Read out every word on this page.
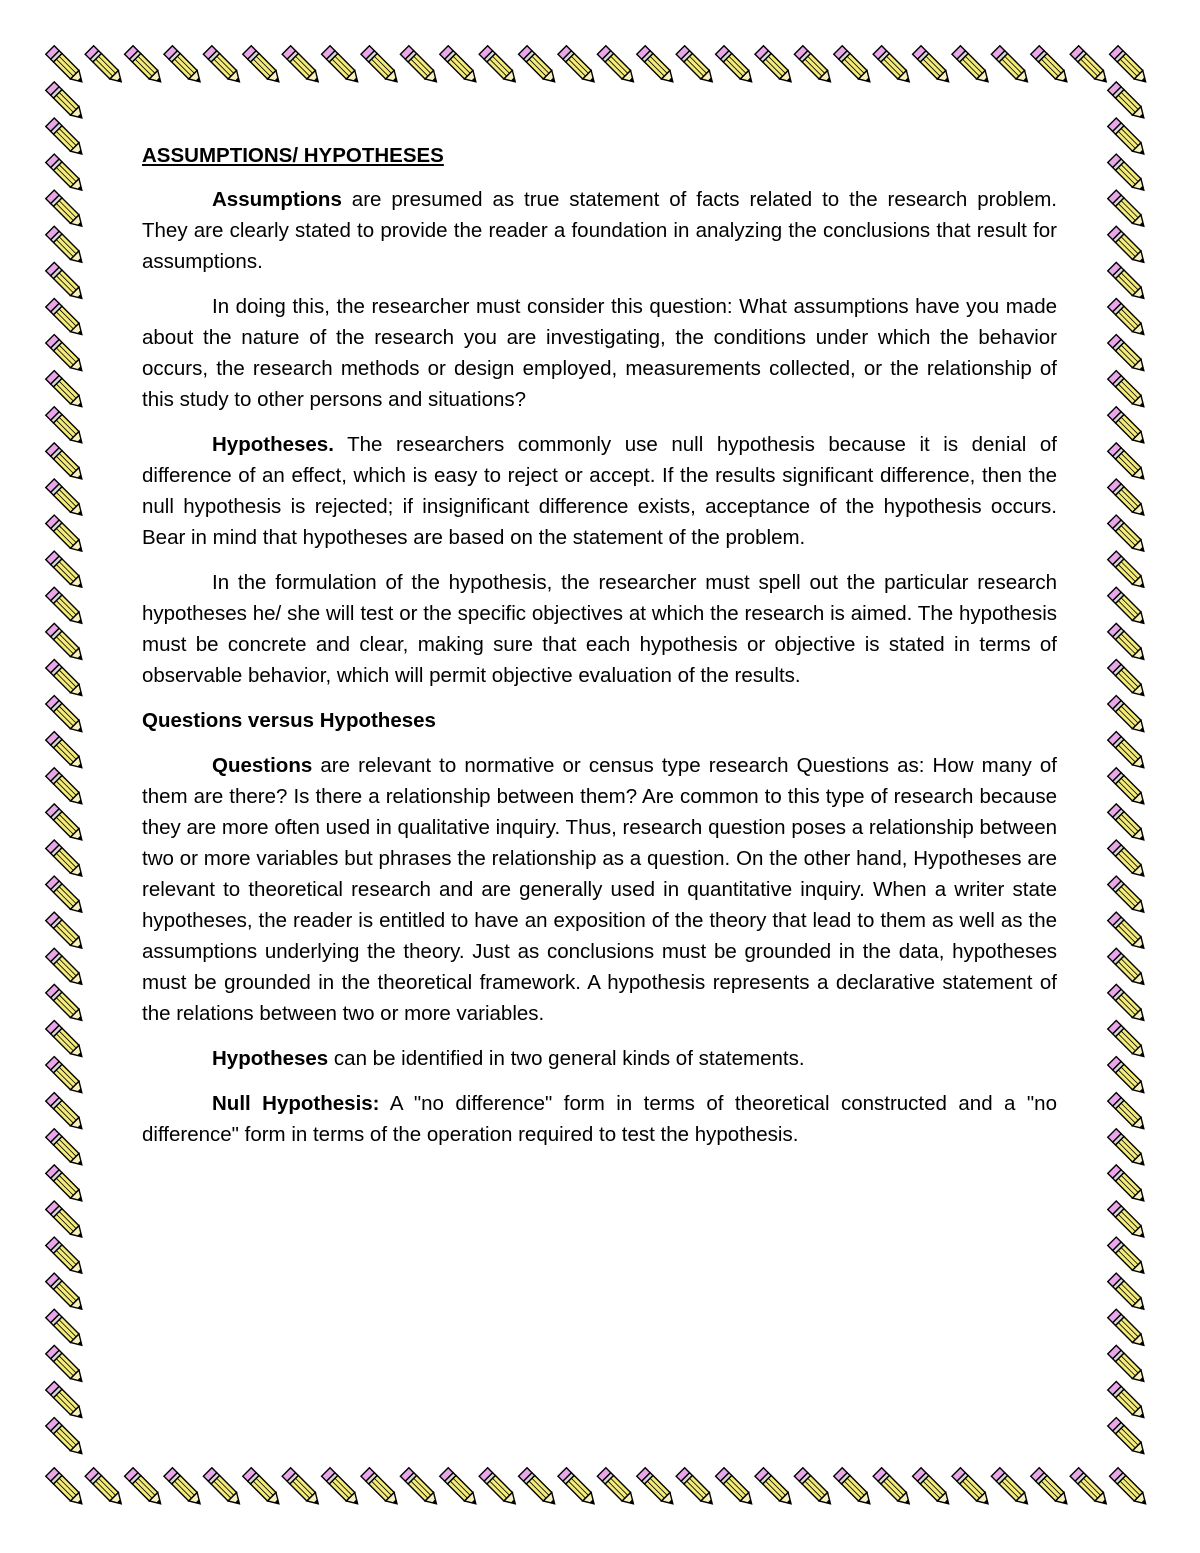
ASSUMPTIONS/ HYPOTHESES

Assumptions are presumed as true statement of facts related to the research problem. They are clearly stated to provide the reader a foundation in analyzing the conclusions that result for assumptions.

In doing this, the researcher must consider this question: What assumptions have you made about the nature of the research you are investigating, the conditions under which the behavior occurs, the research methods or design employed, measurements collected, or the relationship of this study to other persons and situations?

Hypotheses. The researchers commonly use null hypothesis because it is denial of difference of an effect, which is easy to reject or accept. If the results significant difference, then the null hypothesis is rejected; if insignificant difference exists, acceptance of the hypothesis occurs. Bear in mind that hypotheses are based on the statement of the problem.

In the formulation of the hypothesis, the researcher must spell out the particular research hypotheses he/ she will test or the specific objectives at which the research is aimed. The hypothesis must be concrete and clear, making sure that each hypothesis or objective is stated in terms of observable behavior, which will permit objective evaluation of the results.

Questions versus Hypotheses

Questions are relevant to normative or census type research Questions as: How many of them are there? Is there a relationship between them? Are common to this type of research because they are more often used in qualitative inquiry. Thus, research question poses a relationship between two or more variables but phrases the relationship as a question. On the other hand, Hypotheses are relevant to theoretical research and are generally used in quantitative inquiry. When a writer state hypotheses, the reader is entitled to have an exposition of the theory that lead to them as well as the assumptions underlying the theory. Just as conclusions must be grounded in the data, hypotheses must be grounded in the theoretical framework. A hypothesis represents a declarative statement of the relations between two or more variables.

Hypotheses can be identified in two general kinds of statements.

Null Hypothesis: A "no difference" form in terms of theoretical constructed and a "no difference" form in terms of the operation required to test the hypothesis.
